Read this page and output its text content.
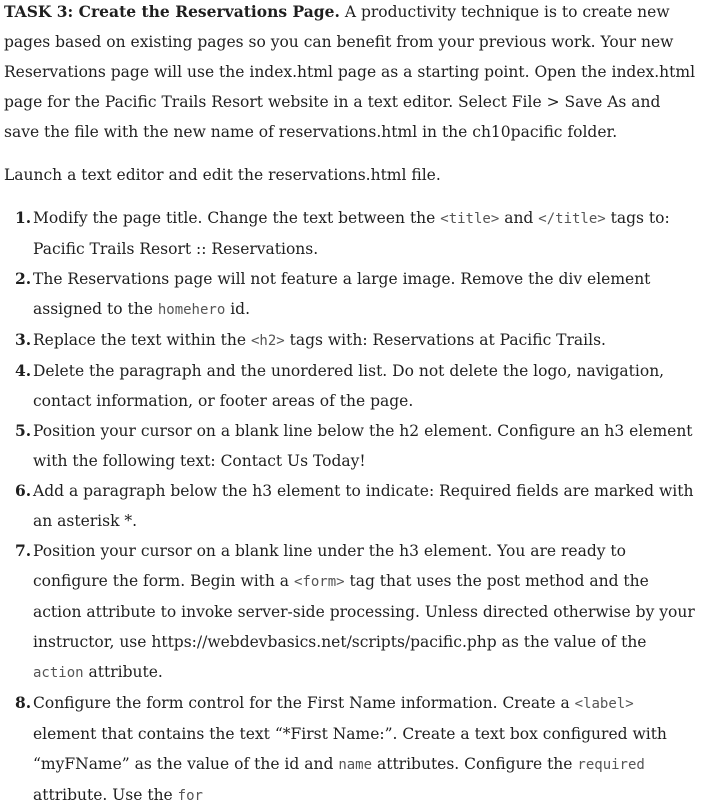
TASK 3: Create the Reservations Page. A productivity technique is to create new pages based on existing pages so you can benefit from your previous work. Your new Reservations page will use the index.html page as a starting point. Open the index.html page for the Pacific Trails Resort website in a text editor. Select File > Save As and save the file with the new name of reservations.html in the ch10pacific folder.

Launch a text editor and edit the reservations.html file.

1. Modify the page title. Change the text between the <title> and </title> tags to: Pacific Trails Resort :: Reservations.
2. The Reservations page will not feature a large image. Remove the div element assigned to the homehero id.
3. Replace the text within the <h2> tags with: Reservations at Pacific Trails.
4. Delete the paragraph and the unordered list. Do not delete the logo, navigation, contact information, or footer areas of the page.
5. Position your cursor on a blank line below the h2 element. Configure an h3 element with the following text: Contact Us Today!
6. Add a paragraph below the h3 element to indicate: Required fields are marked with an asterisk *.
7. Position your cursor on a blank line under the h3 element. You are ready to configure the form. Begin with a <form> tag that uses the post method and the action attribute to invoke server-side processing. Unless directed otherwise by your instructor, use https://webdevbasics.net/scripts/pacific.php as the value of the action attribute.
8. Configure the form control for the First Name information. Create a <label> element that contains the text “*First Name:”. Create a text box configured with “myFName” as the value of the id and name attributes. Configure the required attribute. Use the for
